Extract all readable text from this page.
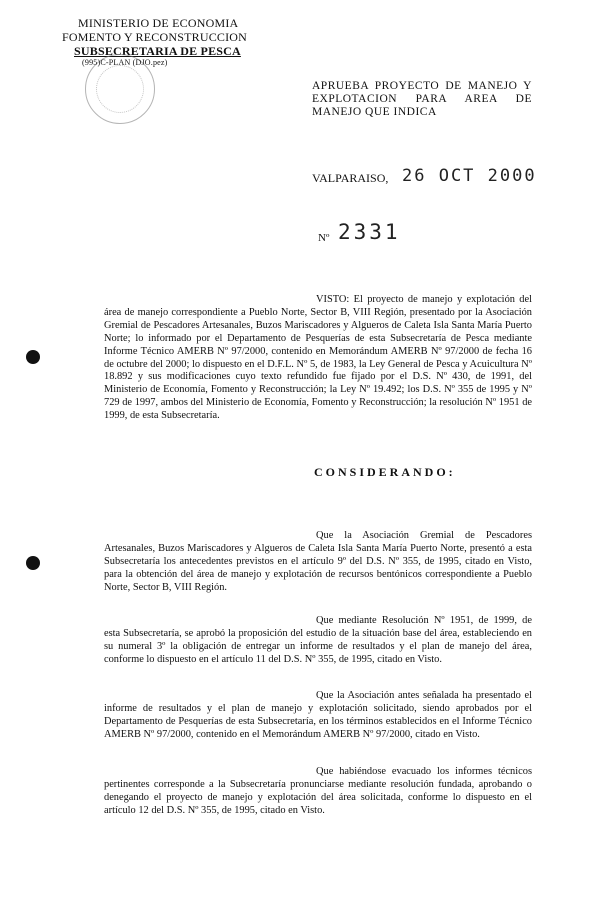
MINISTERIO DE ECONOMIA
FOMENTO Y RECONSTRUCCION
SUBSECRETARIA DE PESCA
(995)C-PLAN (DJO.pez)
APRUEBA PROYECTO DE MANEJO Y EXPLOTACION PARA AREA DE MANEJO QUE INDICA
VALPARAISO, 26 OCT 2000
Nº 2331
VISTO: El proyecto de manejo y explotación del área de manejo correspondiente a Pueblo Norte, Sector B, VIII Región, presentado por la Asociación Gremial de Pescadores Artesanales, Buzos Mariscadores y Algueros de Caleta Isla Santa María Puerto Norte; lo informado por el Departamento de Pesquerías de esta Subsecretaría de Pesca mediante Informe Técnico AMERB Nº 97/2000, contenido en Memorándum AMERB Nº 97/2000 de fecha 16 de octubre del 2000; lo dispuesto en el D.F.L. Nº 5, de 1983, la Ley General de Pesca y Acuicultura Nº 18.892 y sus modificaciones cuyo texto refundido fue fijado por el D.S. Nº 430, de 1991, del Ministerio de Economía, Fomento y Reconstrucción; la Ley Nº 19.492; los D.S. Nº 355 de 1995 y Nº 729 de 1997, ambos del Ministerio de Economía, Fomento y Reconstrucción; la resolución Nº 1951 de 1999, de esta Subsecretaría.
CONSIDERANDO:
Que la Asociación Gremial de Pescadores Artesanales, Buzos Mariscadores y Algueros de Caleta Isla Santa María Puerto Norte, presentó a esta Subsecretaría los antecedentes previstos en el artículo 9º del D.S. Nº 355, de 1995, citado en Visto, para la obtención del área de manejo y explotación de recursos bentónicos correspondiente a Pueblo Norte, Sector B, VIII Región.
Que mediante Resolución Nº 1951, de 1999, de esta Subsecretaría, se aprobó la proposición del estudio de la situación base del área, estableciendo en su numeral 3º la obligación de entregar un informe de resultados y el plan de manejo del área, conforme lo dispuesto en el artículo 11 del D.S. Nº 355, de 1995, citado en Visto.
Que la Asociación antes señalada ha presentado el informe de resultados y el plan de manejo y explotación solicitado, siendo aprobados por el Departamento de Pesquerías de esta Subsecretaría, en los términos establecidos en el Informe Técnico AMERB Nº 97/2000, contenido en el Memorándum AMERB Nº 97/2000, citado en Visto.
Que habiéndose evacuado los informes técnicos pertinentes corresponde a la Subsecretaría pronunciarse mediante resolución fundada, aprobando o denegando el proyecto de manejo y explotación del área solicitada, conforme lo dispuesto en el artículo 12 del D.S. Nº 355, de 1995, citado en Visto.
